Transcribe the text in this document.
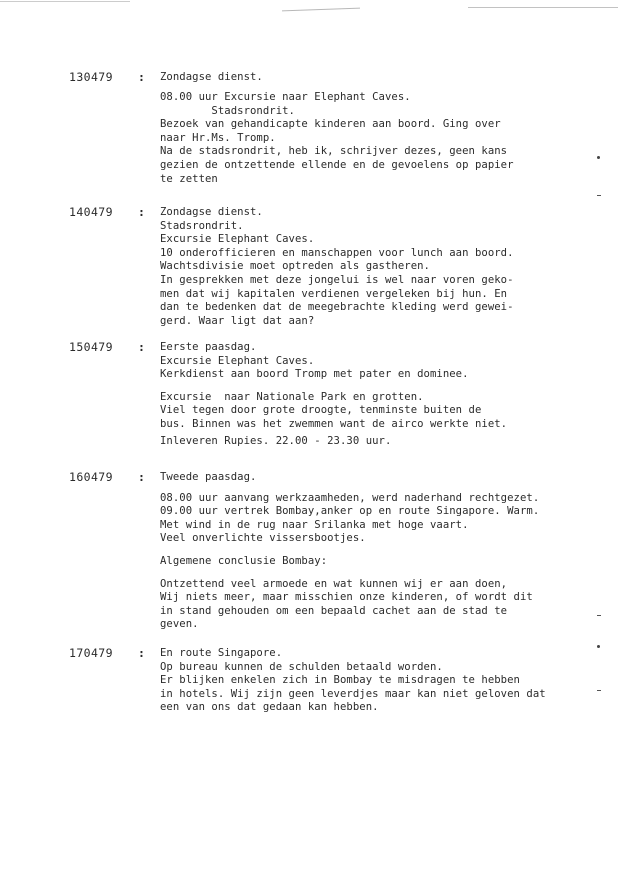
130479 : Zondagse dienst.
08.00 uur Excursie naar Elephant Caves.
Stadsrondrit.
Bezoek van gehandicapte kinderen aan boord. Ging over
naar Hr.Ms. Tromp.
Na de stadsrondrit, heb ik, schrijver dezes, geen kans
gezien de ontzettende ellende en de gevoelens op papier
te zetten
140479 : Zondagse dienst.
Stadsrondrit.
Excursie Elephant Caves.
10 onderofficieren en manschappen voor lunch aan boord.
Wachtsdivisie moet optreden als gastheren.
In gesprekken met deze jongelui is wel naar voren geko-
men dat wij kapitalen verdienen vergeleken bij hun. En
dan te bedenken dat de meegebrachte kleding werd gewei-
gerd. Waar ligt dat aan?
150479 : Eerste paasdag.
Excursie Elephant Caves.
Kerkdienst aan boord Tromp met pater en dominee.
Excursie  naar Nationale Park en grotten.
Viel tegen door grote droogte, tenminste buiten de
bus. Binnen was het zwemmen want de airco werkte niet.
Inleveren Rupies. 22.00 - 23.30 uur.
160479 : Tweede paasdag.
08.00 uur aanvang werkzaamheden, werd naderhand rechtgezet.
09.00 uur vertrek Bombay,anker op en route Singapore. Warm.
Met wind in de rug naar Srilanka met hoge vaart.
Veel onverlichte vissersbootjes.
Algemene conclusie Bombay:
Ontzettend veel armoede en wat kunnen wij er aan doen,
Wij niets meer, maar misschien onze kinderen, of wordt dit
in stand gehouden om een bepaald cachet aan de stad te
geven.
170479 : En route Singapore.
Op bureau kunnen de schulden betaald worden.
Er blijken enkelen zich in Bombay te misdragen te hebben
in hotels. Wij zijn geen leverdjes maar kan niet geloven dat
een van ons dat gedaan kan hebben.
